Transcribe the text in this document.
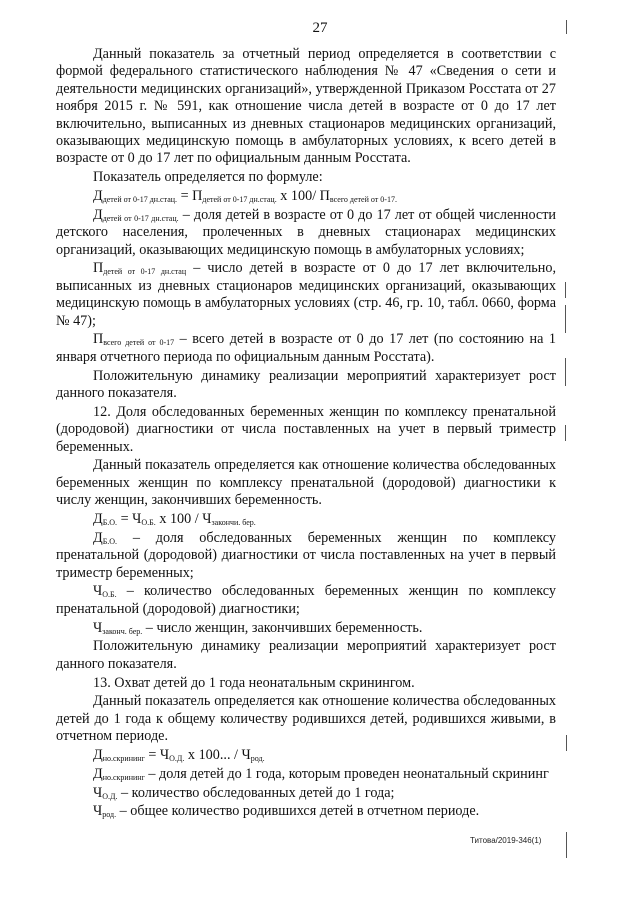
27

Данный показатель за отчетный период определяется в соответствии с формой федерального статистического наблюдения № 47 «Сведения о сети и деятельности медицинских организаций», утвержденной Приказом Росстата от 27 ноября 2015 г. № 591, как отношение числа детей в возрасте от 0 до 17 лет включительно, выписанных из дневных стационаров медицинских организаций, оказывающих медицинскую помощь в амбулаторных условиях, к всего детей в возрасте от 0 до 17 лет по официальным данным Росстата.

Показатель определяется по формуле:

$Д_{детей от 0-17 дн.стац.} = П_{детей от 0-17 дн.стац.}$ x 100/ $П_{всего детей от 0-17.}$

$Д_{детей от 0-17 дн.стац.}$ – доля детей в возрасте от 0 до 17 лет от общей численности детского населения, пролеченных в дневных стационарах медицинских организаций, оказывающих медицинскую помощь в амбулаторных условиях;

$П_{детей от 0-17 дн.стац}$ – число детей в возрасте от 0 до 17 лет включительно, выписанных из дневных стационаров медицинских организаций, оказывающих медицинскую помощь в амбулаторных условиях (стр. 46, гр. 10, табл. 0660, форма № 47);

$П_{всего детей от 0-17}$ – всего детей в возрасте от 0 до 17 лет (по состоянию на 1 января отчетного периода по официальным данным Росстата).

Положительную динамику реализации мероприятий характеризует рост данного показателя.

12. Доля обследованных беременных женщин по комплексу пренатальной (дородовой) диагностики от числа поставленных на учет в первый триместр беременных.

Данный показатель определяется как отношение количества обследованных беременных женщин по комплексу пренатальной (дородовой) диагностики к числу женщин, закончивших беременность.

$Д_{Б.О.} = Ч_{О.Б.}$ x $100 / Ч_{закончи. бер.}$

$Д_{Б.О.}$ – доля обследованных беременных женщин по комплексу пренатальной (дородовой) диагностики от числа поставленных на учет в первый триместр беременных;

$Ч_{О.Б.}$ – количество обследованных беременных женщин по комплексу пренатальной (дородовой) диагностики;

$Ч_{законч. бер.}$ – число женщин, закончивших беременность.

Положительную динамику реализации мероприятий характеризует рост данного показателя.

13. Охват детей до 1 года неонатальным скринингом.

Данный показатель определяется как отношение количества обследованных детей до 1 года к общему количеству родившихся детей, родившихся живыми, в отчетном периоде.

$Д_{но.скрининг} = Ч_{О.Д.}$ x 100... / $Ч_{род.}$

$Д_{но.скрининг}$ – доля детей до 1 года, которым проведен неонатальный скрининг

$Ч_{О.Д.}$ – количество обследованных детей до 1 года;

$Ч_{род.}$ – общее количество родившихся детей в отчетном периоде.

Титова/2019-346(1)
